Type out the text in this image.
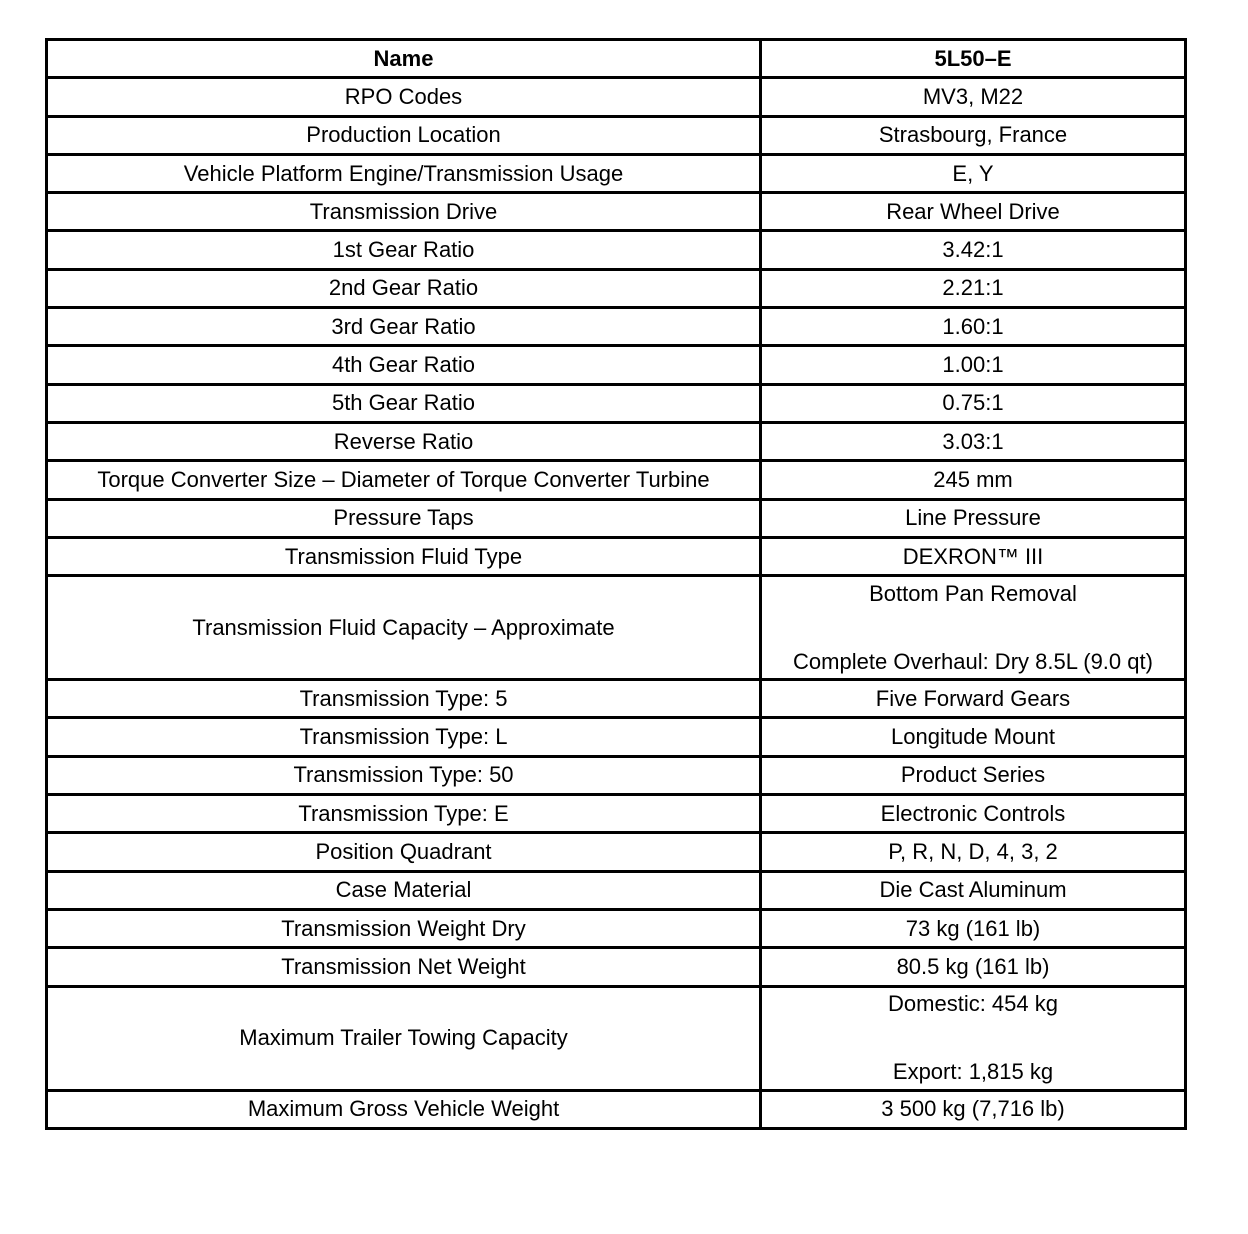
Name	5L50–E
RPO Codes	MV3, M22
Production Location	Strasbourg, France
Vehicle Platform Engine/Transmission Usage	E, Y
Transmission Drive	Rear Wheel Drive
1st Gear Ratio	3.42:1
2nd Gear Ratio	2.21:1
3rd Gear Ratio	1.60:1
4th Gear Ratio	1.00:1
5th Gear Ratio	0.75:1
Reverse Ratio	3.03:1
Torque Converter Size – Diameter of Torque Converter Turbine	245 mm
Pressure Taps	Line Pressure
Transmission Fluid Type	DEXRON™ III
Transmission Fluid Capacity – Approximate	Bottom Pan Removal
Complete Overhaul: Dry 8.5L (9.0 qt)

Transmission Type: 5	Five Forward Gears
Transmission Type: L	Longitude Mount
Transmission Type: 50	Product Series
Transmission Type: E	Electronic Controls
Position Quadrant	P, R, N, D, 4, 3, 2
Case Material	Die Cast Aluminum
Transmission Weight Dry	73 kg (161 lb)
Transmission Net Weight	80.5 kg (161 lb)
Maximum Trailer Towing Capacity	Domestic: 454 kg
Export: 1,815 kg

Maximum Gross Vehicle Weight	3 500 kg (7,716 lb)
